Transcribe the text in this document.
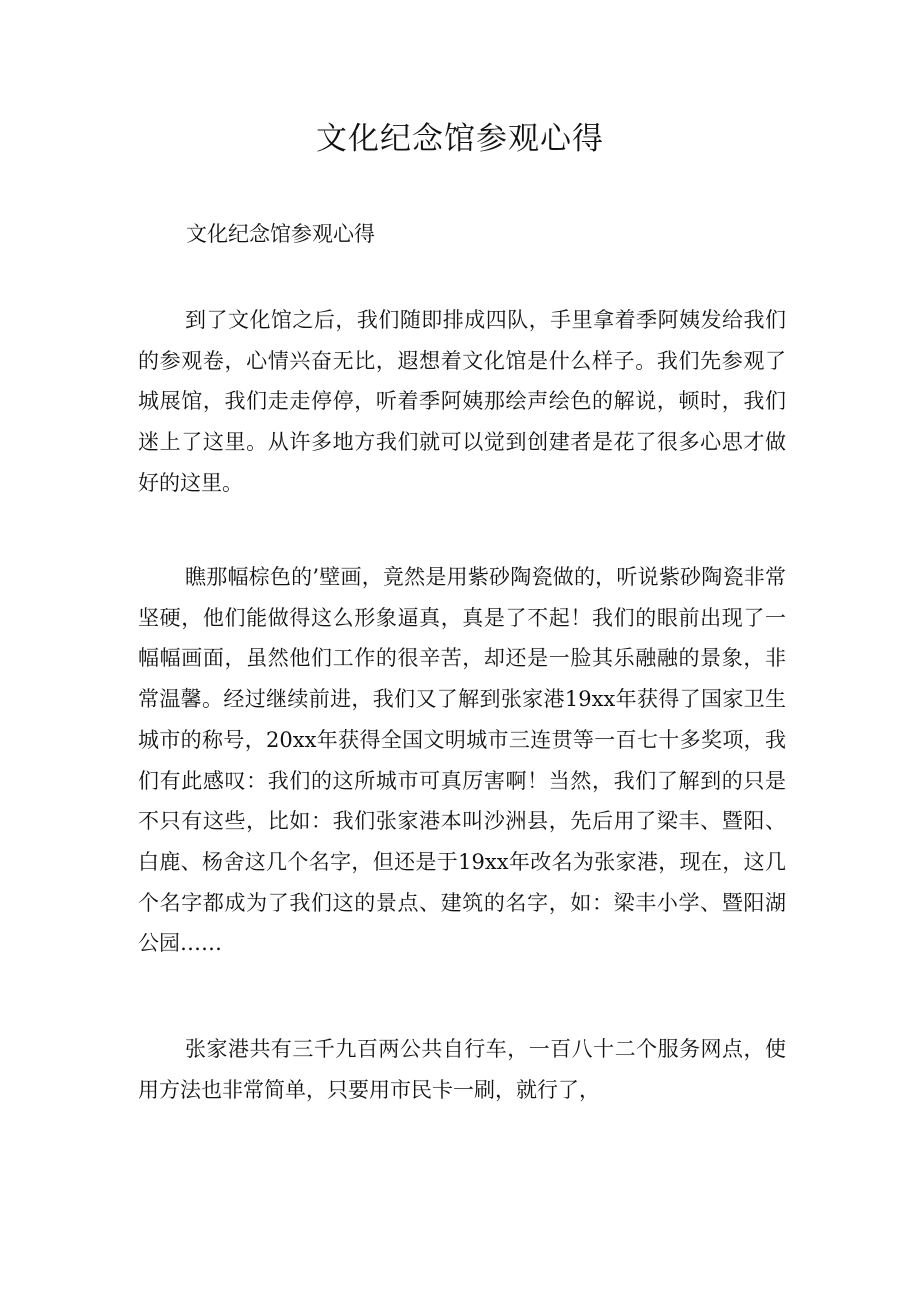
文化纪念馆参观心得

文化纪念馆参观心得

到了文化馆之后，我们随即排成四队，手里拿着季阿姨发给我们的参观卷，心情兴奋无比，遐想着文化馆是什么样子。我们先参观了城展馆，我们走走停停，听着季阿姨那绘声绘色的解说，顿时，我们迷上了这里。从许多地方我们就可以觉到创建者是花了很多心思才做好的这里。

瞧那幅棕色的’壁画，竟然是用紫砂陶瓷做的，听说紫砂陶瓷非常坚硬，他们能做得这么形象逼真，真是了不起！我们的眼前出现了一幅幅画面，虽然他们工作的很辛苦，却还是一脸其乐融融的景象，非常温馨。经过继续前进，我们又了解到张家港19xx年获得了国家卫生城市的称号，20xx年获得全国文明城市三连贯等一百七十多奖项，我们有此感叹：我们的这所城市可真厉害啊！当然，我们了解到的只是不只有这些，比如：我们张家港本叫沙洲县，先后用了梁丰、暨阳、白鹿、杨舍这几个名字，但还是于19xx年改名为张家港，现在，这几个名字都成为了我们这的景点、建筑的名字，如：梁丰小学、暨阳湖公园……

张家港共有三千九百两公共自行车，一百八十二个服务网点，使用方法也非常简单，只要用市民卡一刷，就行了，
